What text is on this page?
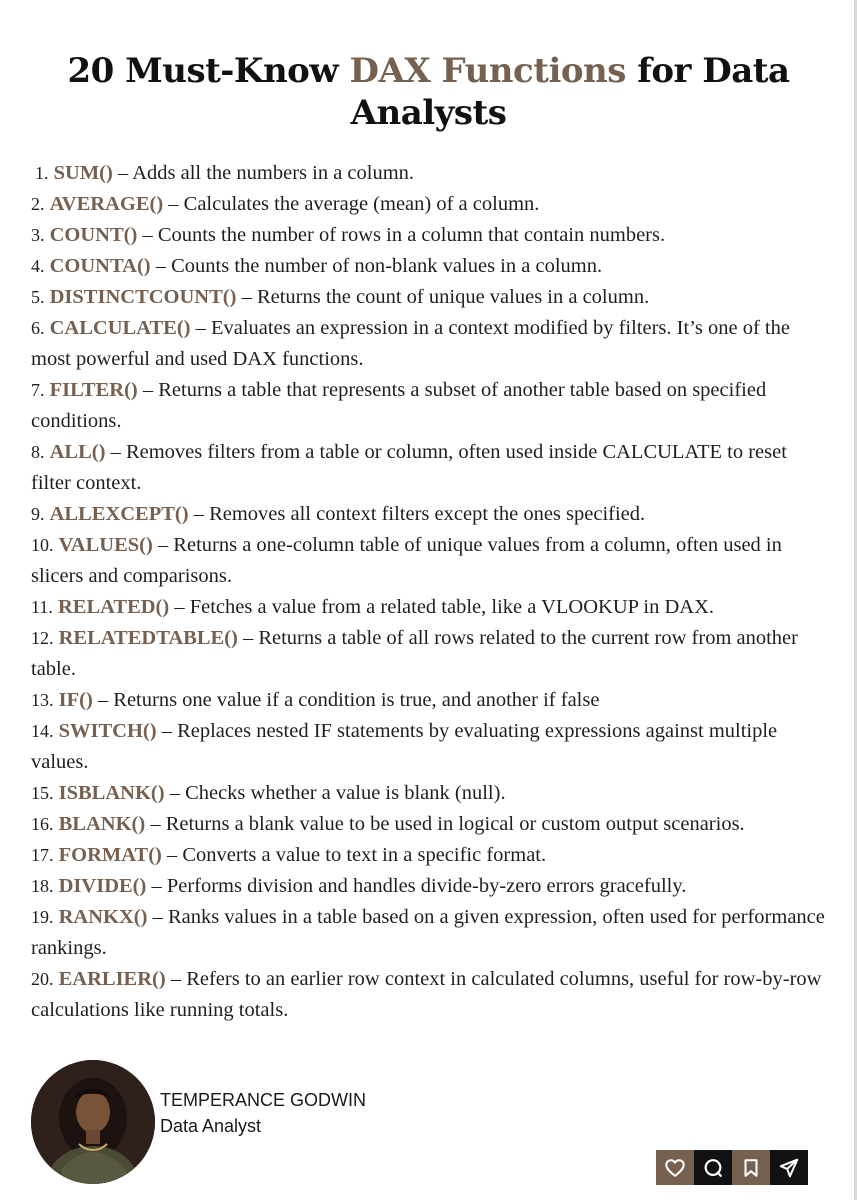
20 Must-Know DAX Functions for Data Analysts
1. SUM() – Adds all the numbers in a column.
2. AVERAGE() – Calculates the average (mean) of a column.
3. COUNT() – Counts the number of rows in a column that contain numbers.
4. COUNTA() – Counts the number of non-blank values in a column.
5. DISTINCTCOUNT() – Returns the count of unique values in a column.
6. CALCULATE() – Evaluates an expression in a context modified by filters. It’s one of the most powerful and used DAX functions.
7. FILTER() – Returns a table that represents a subset of another table based on specified conditions.
8. ALL() – Removes filters from a table or column, often used inside CALCULATE to reset filter context.
9. ALLEXCEPT() – Removes all context filters except the ones specified.
10. VALUES() – Returns a one-column table of unique values from a column, often used in slicers and comparisons.
11. RELATED() – Fetches a value from a related table, like a VLOOKUP in DAX.
12. RELATEDTABLE() – Returns a table of all rows related to the current row from another table.
13. IF() – Returns one value if a condition is true, and another if false
14. SWITCH() – Replaces nested IF statements by evaluating expressions against multiple values.
15. ISBLANK() – Checks whether a value is blank (null).
16. BLANK() – Returns a blank value to be used in logical or custom output scenarios.
17. FORMAT() – Converts a value to text in a specific format.
18. DIVIDE() – Performs division and handles divide-by-zero errors gracefully.
19. RANKX() – Ranks values in a table based on a given expression, often used for performance rankings.
20. EARLIER() – Refers to an earlier row context in calculated columns, useful for row-by-row calculations like running totals.
TEMPERANCE GODWIN
Data Analyst
